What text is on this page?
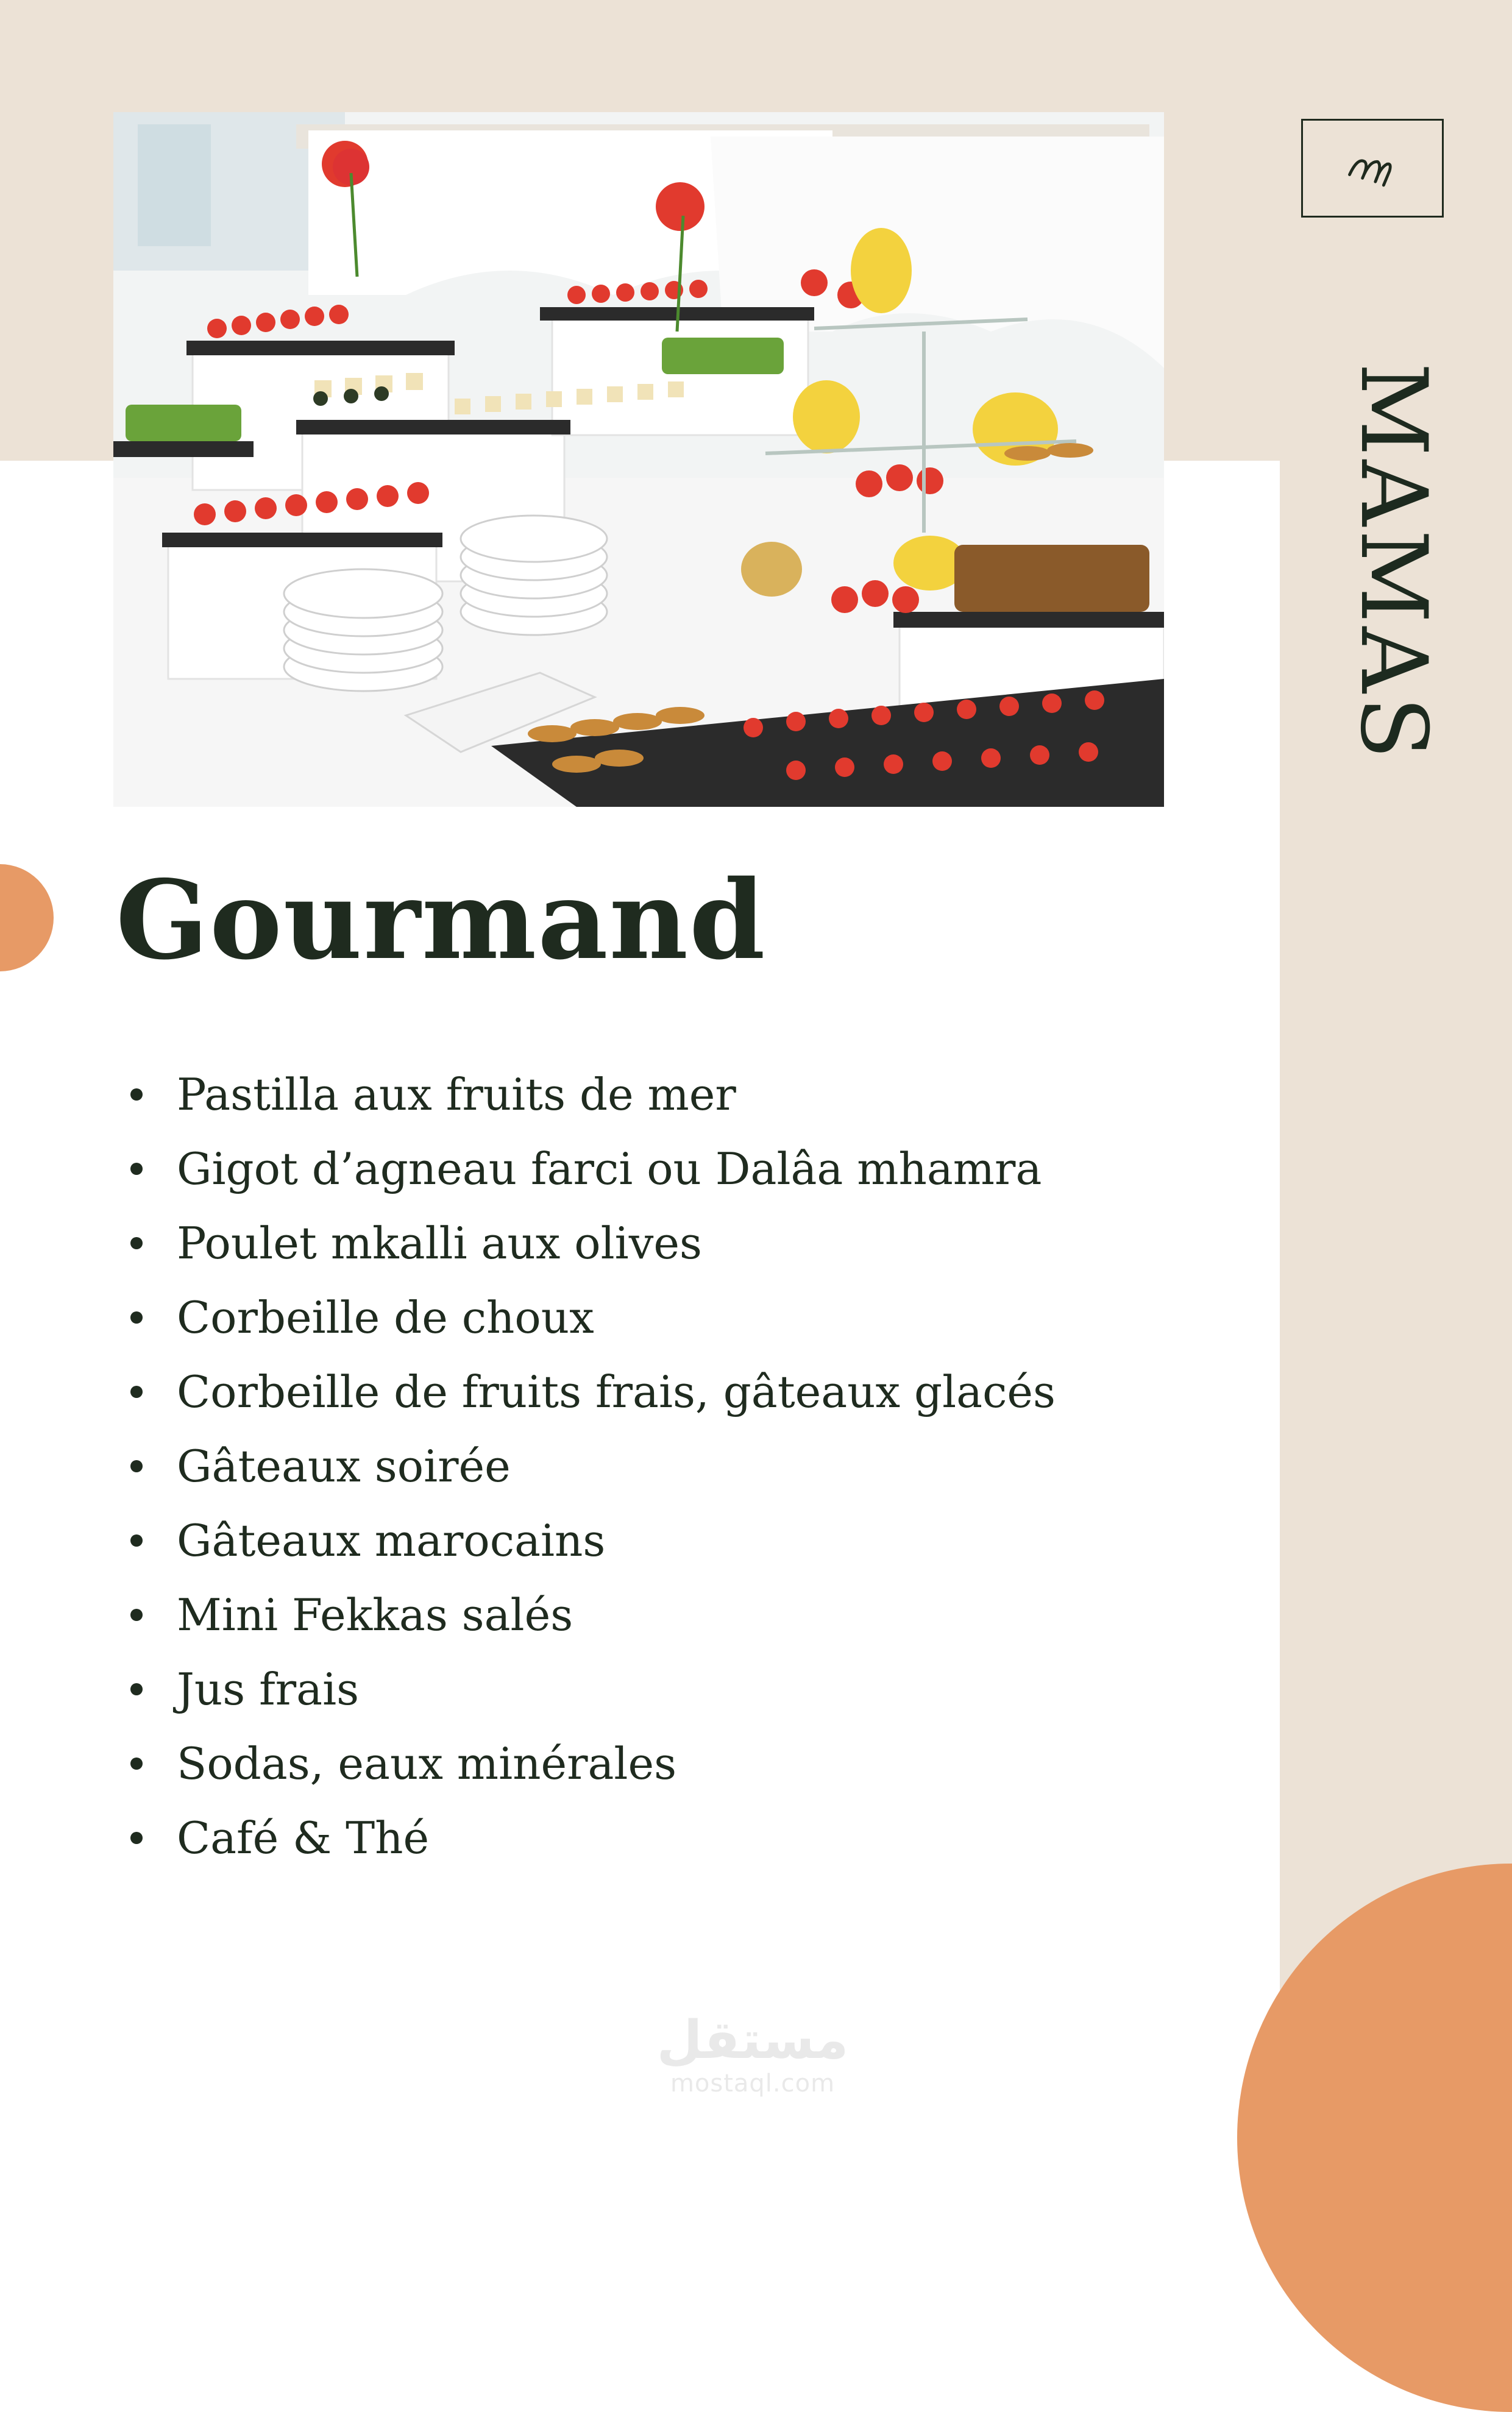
MAMAS
Gourmand
Pastilla aux fruits de mer
Gigot d’agneau farci ou Dalâa mhamra
Poulet mkalli aux olives
Corbeille de choux
Corbeille de fruits frais, gâteaux glacés
Gâteaux soirée
Gâteaux marocains
Mini Fekkas salés
Jus frais
Sodas, eaux minérales
Café & Thé
مستقل
mostaql.com
